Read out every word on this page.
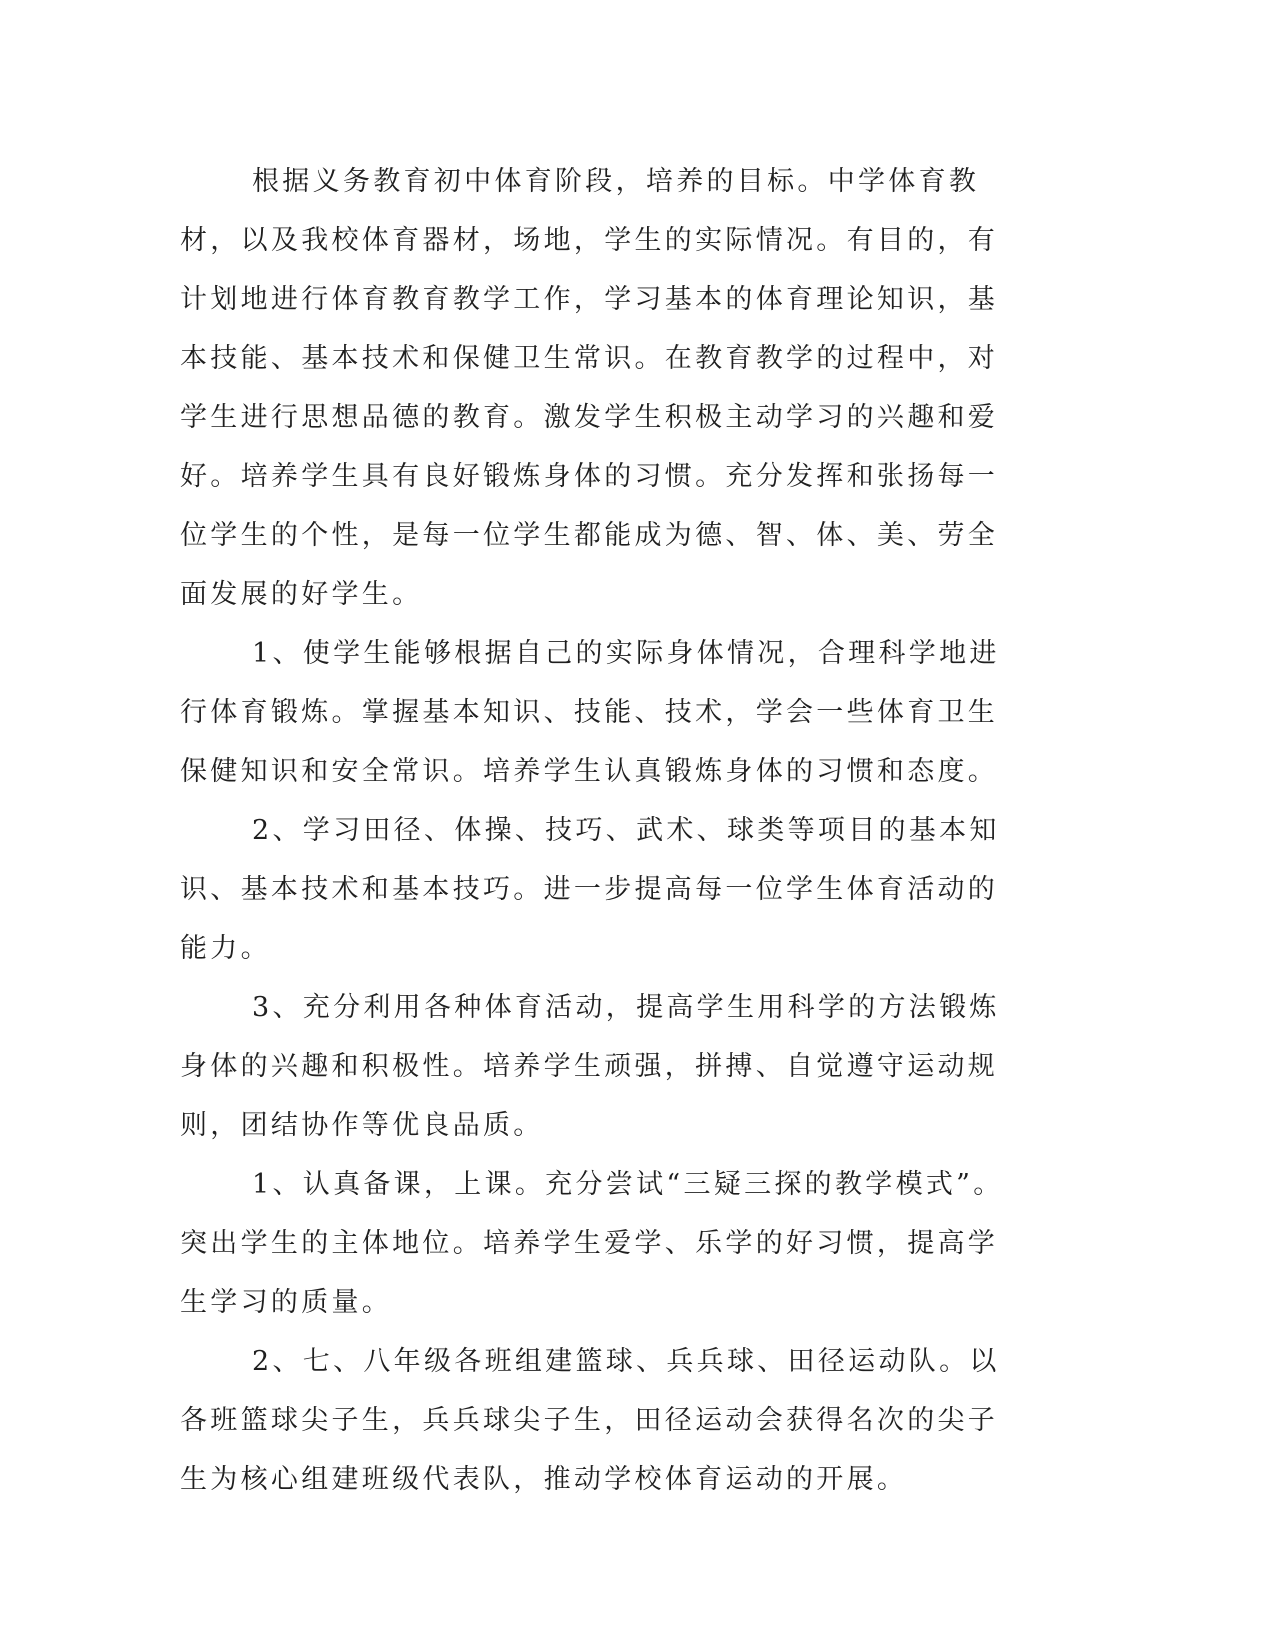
根据义务教育初中体育阶段，培养的目标。中学体育教材，以及我校体育器材，场地，学生的实际情况。有目的，有计划地进行体育教育教学工作，学习基本的体育理论知识，基本技能、基本技术和保健卫生常识。在教育教学的过程中，对学生进行思想品德的教育。激发学生积极主动学习的兴趣和爱好。培养学生具有良好锻炼身体的习惯。充分发挥和张扬每一位学生的个性，是每一位学生都能成为德、智、体、美、劳全面发展的好学生。

1、使学生能够根据自己的实际身体情况，合理科学地进行体育锻炼。掌握基本知识、技能、技术，学会一些体育卫生保健知识和安全常识。培养学生认真锻炼身体的习惯和态度。

2、学习田径、体操、技巧、武术、球类等项目的基本知识、基本技术和基本技巧。进一步提高每一位学生体育活动的能力。

3、充分利用各种体育活动，提高学生用科学的方法锻炼身体的兴趣和积极性。培养学生顽强，拼搏、自觉遵守运动规则，团结协作等优良品质。

1、认真备课，上课。充分尝试“三疑三探的教学模式”。突出学生的主体地位。培养学生爱学、乐学的好习惯，提高学生学习的质量。

2、七、八年级各班组建篮球、兵兵球、田径运动队。以各班篮球尖子生，兵兵球尖子生，田径运动会获得名次的尖子生为核心组建班级代表队，推动学校体育运动的开展。
